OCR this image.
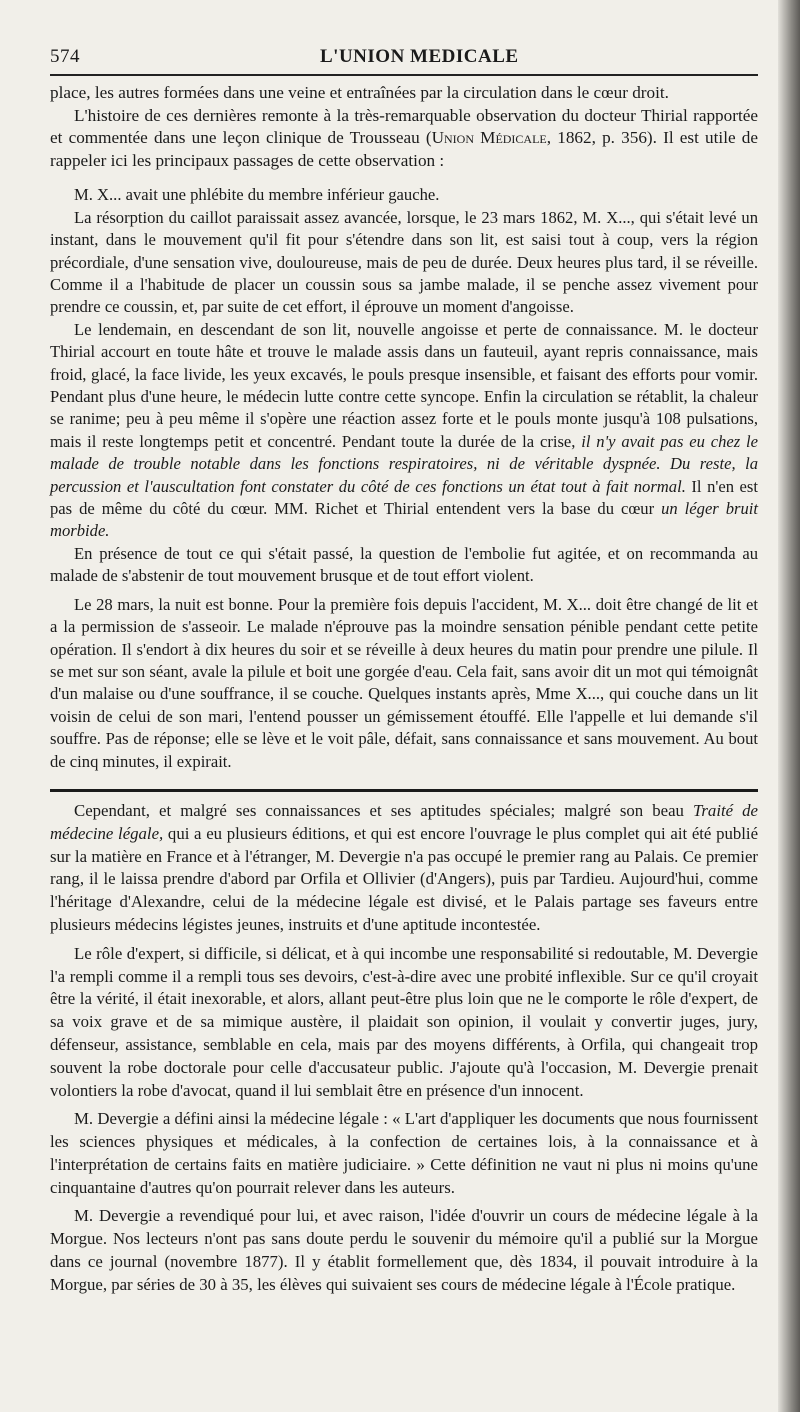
574	L'UNION MEDICALE

place, les autres formées dans une veine et entraînées par la circulation dans le cœur droit.

L'histoire de ces dernières remonte à la très-remarquable observation du docteur Thirial rapportée et commentée dans une leçon clinique de Trousseau (Union Médicale, 1862, p. 356). Il est utile de rappeler ici les principaux passages de cette observation :

M. X... avait une phlébite du membre inférieur gauche.

La résorption du caillot paraissait assez avancée, lorsque, le 23 mars 1862, M. X..., qui s'était levé un instant, dans le mouvement qu'il fit pour s'étendre dans son lit, est saisi tout à coup, vers la région précordiale, d'une sensation vive, douloureuse, mais de peu de durée. Deux heures plus tard, il se réveille. Comme il a l'habitude de placer un coussin sous sa jambe malade, il se penche assez vivement pour prendre ce coussin, et, par suite de cet effort, il éprouve un moment d'angoisse.

Le lendemain, en descendant de son lit, nouvelle angoisse et perte de connaissance. M. le docteur Thirial accourt en toute hâte et trouve le malade assis dans un fauteuil, ayant repris connaissance, mais froid, glacé, la face livide, les yeux excavés, le pouls presque insensible, et faisant des efforts pour vomir. Pendant plus d'une heure, le médecin lutte contre cette syncope. Enfin la circulation se rétablit, la chaleur se ranime; peu à peu même il s'opère une réaction assez forte et le pouls monte jusqu'à 108 pulsations, mais il reste longtemps petit et concentré. Pendant toute la durée de la crise, il n'y avait pas eu chez le malade de trouble notable dans les fonctions respiratoires, ni de véritable dyspnée. Du reste, la percussion et l'auscultation font constater du côté de ces fonctions un état tout à fait normal. Il n'en est pas de même du côté du cœur. MM. Richet et Thirial entendent vers la base du cœur un léger bruit morbide.

En présence de tout ce qui s'était passé, la question de l'embolie fut agitée, et on recommanda au malade de s'abstenir de tout mouvement brusque et de tout effort violent.

Le 28 mars, la nuit est bonne. Pour la première fois depuis l'accident, M. X... doit être changé de lit et a la permission de s'asseoir. Le malade n'éprouve pas la moindre sensation pénible pendant cette petite opération. Il s'endort à dix heures du soir et se réveille à deux heures du matin pour prendre une pilule. Il se met sur son séant, avale la pilule et boit une gorgée d'eau. Cela fait, sans avoir dit un mot qui témoignât d'un malaise ou d'une souffrance, il se couche. Quelques instants après, Mme X..., qui couche dans un lit voisin de celui de son mari, l'entend pousser un gémissement étouffé. Elle l'appelle et lui demande s'il souffre. Pas de réponse; elle se lève et le voit pâle, défait, sans connaissance et sans mouvement. Au bout de cinq minutes, il expirait.

Cependant, et malgré ses connaissances et ses aptitudes spéciales; malgré son beau Traité de médecine légale, qui a eu plusieurs éditions, et qui est encore l'ouvrage le plus complet qui ait été publié sur la matière en France et à l'étranger, M. Devergie n'a pas occupé le premier rang au Palais. Ce premier rang, il le laissa prendre d'abord par Orfila et Ollivier (d'Angers), puis par Tardieu. Aujourd'hui, comme l'héritage d'Alexandre, celui de la médecine légale est divisé, et le Palais partage ses faveurs entre plusieurs médecins légistes jeunes, instruits et d'une aptitude incontestée.

Le rôle d'expert, si difficile, si délicat, et à qui incombe une responsabilité si redoutable, M. Devergie l'a rempli comme il a rempli tous ses devoirs, c'est-à-dire avec une probité inflexible. Sur ce qu'il croyait être la vérité, il était inexorable, et alors, allant peut-être plus loin que ne le comporte le rôle d'expert, de sa voix grave et de sa mimique austère, il plaidait son opinion, il voulait y convertir juges, jury, défenseur, assistance, semblable en cela, mais par des moyens différents, à Orfila, qui changeait trop souvent la robe doctorale pour celle d'accusateur public. J'ajoute qu'à l'occasion, M. Devergie prenait volontiers la robe d'avocat, quand il lui semblait être en présence d'un innocent.

M. Devergie a défini ainsi la médecine légale : « L'art d'appliquer les documents que nous fournissent les sciences physiques et médicales, à la confection de certaines lois, à la connaissance et à l'interprétation de certains faits en matière judiciaire. » Cette définition ne vaut ni plus ni moins qu'une cinquantaine d'autres qu'on pourrait relever dans les auteurs.

M. Devergie a revendiqué pour lui, et avec raison, l'idée d'ouvrir un cours de médecine légale à la Morgue. Nos lecteurs n'ont pas sans doute perdu le souvenir du mémoire qu'il a publié sur la Morgue dans ce journal (novembre 1877). Il y établit formellement que, dès 1834, il pouvait introduire à la Morgue, par séries de 30 à 35, les élèves qui suivaient ses cours de médecine légale à l'École pratique.
